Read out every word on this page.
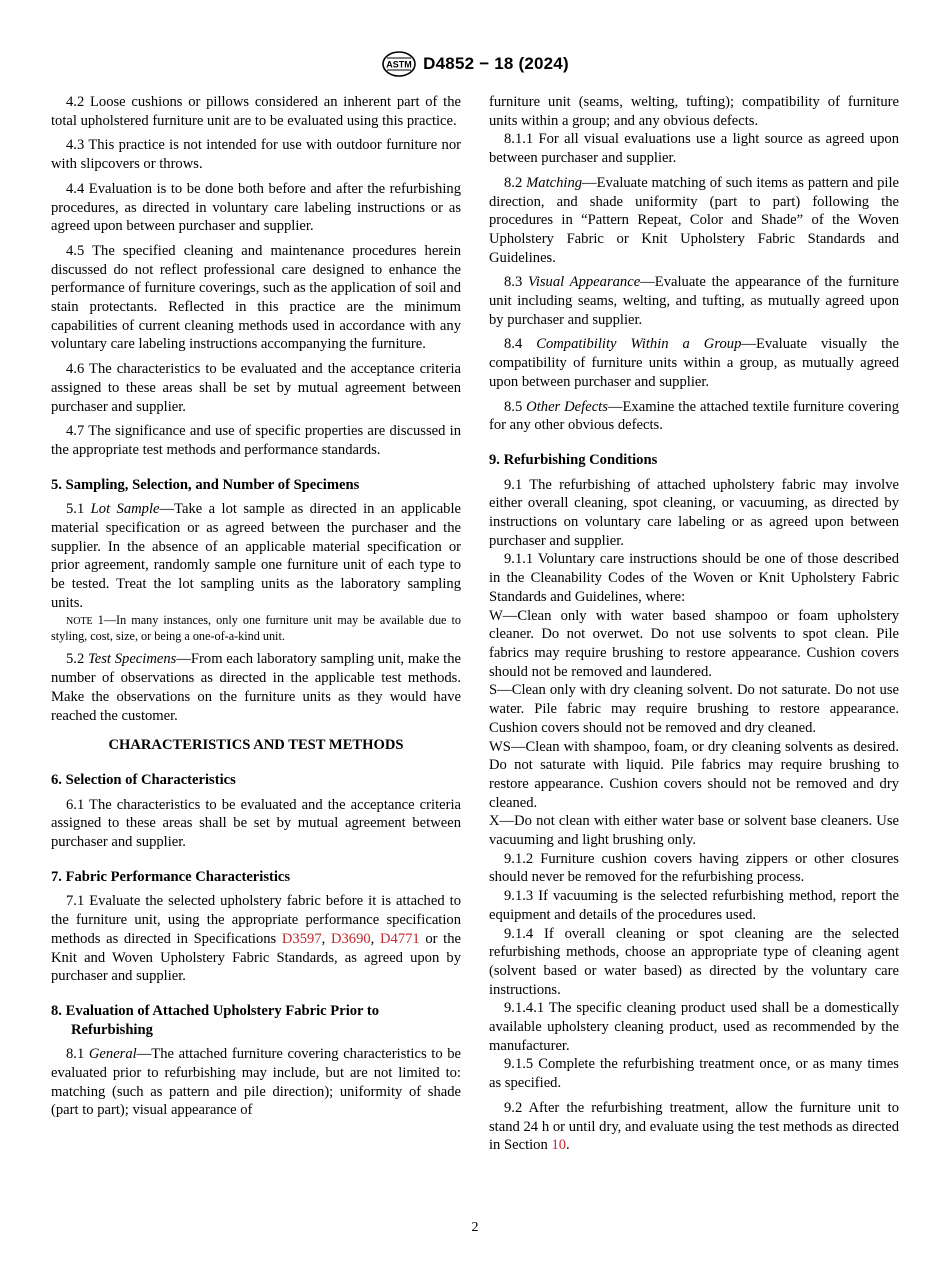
ASTM D4852 − 18 (2024)

4.2 Loose cushions or pillows considered an inherent part of the total upholstered furniture unit are to be evaluated using this practice.

4.3 This practice is not intended for use with outdoor furniture nor with slipcovers or throws.

4.4 Evaluation is to be done both before and after the refurbishing procedures, as directed in voluntary care labeling instructions or as agreed upon between purchaser and supplier.

4.5 The specified cleaning and maintenance procedures herein discussed do not reflect professional care designed to enhance the performance of furniture coverings, such as the application of soil and stain protectants. Reflected in this practice are the minimum capabilities of current cleaning methods used in accordance with any voluntary care labeling instructions accompanying the furniture.

4.6 The characteristics to be evaluated and the acceptance criteria assigned to these areas shall be set by mutual agreement between purchaser and supplier.

4.7 The significance and use of specific properties are discussed in the appropriate test methods and performance standards.

5. Sampling, Selection, and Number of Specimens

5.1 Lot Sample—Take a lot sample as directed in an applicable material specification or as agreed between the purchaser and the supplier. In the absence of an applicable material specification or prior agreement, randomly sample one furniture unit of each type to be tested. Treat the lot sampling units as the laboratory sampling units.

NOTE 1—In many instances, only one furniture unit may be available due to styling, cost, size, or being a one-of-a-kind unit.

5.2 Test Specimens—From each laboratory sampling unit, make the number of observations as directed in the applicable test methods. Make the observations on the furniture units as they would have reached the customer.

CHARACTERISTICS AND TEST METHODS
6. Selection of Characteristics

6.1 The characteristics to be evaluated and the acceptance criteria assigned to these areas shall be set by mutual agreement between purchaser and supplier.

7. Fabric Performance Characteristics

7.1 Evaluate the selected upholstery fabric before it is attached to the furniture unit, using the appropriate performance specification methods as directed in Specifications D3597, D3690, D4771 or the Knit and Woven Upholstery Fabric Standards, as agreed upon by purchaser and supplier.

8. Evaluation of Attached Upholstery Fabric Prior to Refurbishing

8.1 General—The attached furniture covering characteristics to be evaluated prior to refurbishing may include, but are not limited to: matching (such as pattern and pile direction); uniformity of shade (part to part); visual appearance of

furniture unit (seams, welting, tufting); compatibility of furniture units within a group; and any obvious defects.

8.1.1 For all visual evaluations use a light source as agreed upon between purchaser and supplier.

8.2 Matching—Evaluate matching of such items as pattern and pile direction, and shade uniformity (part to part) following the procedures in “Pattern Repeat, Color and Shade” of the Woven Upholstery Fabric or Knit Upholstery Fabric Standards and Guidelines.

8.3 Visual Appearance—Evaluate the appearance of the furniture unit including seams, welting, and tufting, as mutually agreed upon by purchaser and supplier.

8.4 Compatibility Within a Group—Evaluate visually the compatibility of furniture units within a group, as mutually agreed upon between purchaser and supplier.

8.5 Other Defects—Examine the attached textile furniture covering for any other obvious defects.

9. Refurbishing Conditions

9.1 The refurbishing of attached upholstery fabric may involve either overall cleaning, spot cleaning, or vacuuming, as directed by instructions on voluntary care labeling or as agreed upon between purchaser and supplier.

9.1.1 Voluntary care instructions should be one of those described in the Cleanability Codes of the Woven or Knit Upholstery Fabric Standards and Guidelines, where:

W—Clean only with water based shampoo or foam upholstery cleaner. Do not overwet. Do not use solvents to spot clean. Pile fabrics may require brushing to restore appearance. Cushion covers should not be removed and laundered.

S—Clean only with dry cleaning solvent. Do not saturate. Do not use water. Pile fabric may require brushing to restore appearance. Cushion covers should not be removed and dry cleaned.

WS—Clean with shampoo, foam, or dry cleaning solvents as desired. Do not saturate with liquid. Pile fabrics may require brushing to restore appearance. Cushion covers should not be removed and dry cleaned.

X—Do not clean with either water base or solvent base cleaners. Use vacuuming and light brushing only.

9.1.2 Furniture cushion covers having zippers or other closures should never be removed for the refurbishing process.

9.1.3 If vacuuming is the selected refurbishing method, report the equipment and details of the procedures used.

9.1.4 If overall cleaning or spot cleaning are the selected refurbishing methods, choose an appropriate type of cleaning agent (solvent based or water based) as directed by the voluntary care instructions.

9.1.4.1 The specific cleaning product used shall be a domestically available upholstery cleaning product, used as recommended by the manufacturer.

9.1.5 Complete the refurbishing treatment once, or as many times as specified.

9.2 After the refurbishing treatment, allow the furniture unit to stand 24 h or until dry, and evaluate using the test methods as directed in Section 10.

2
